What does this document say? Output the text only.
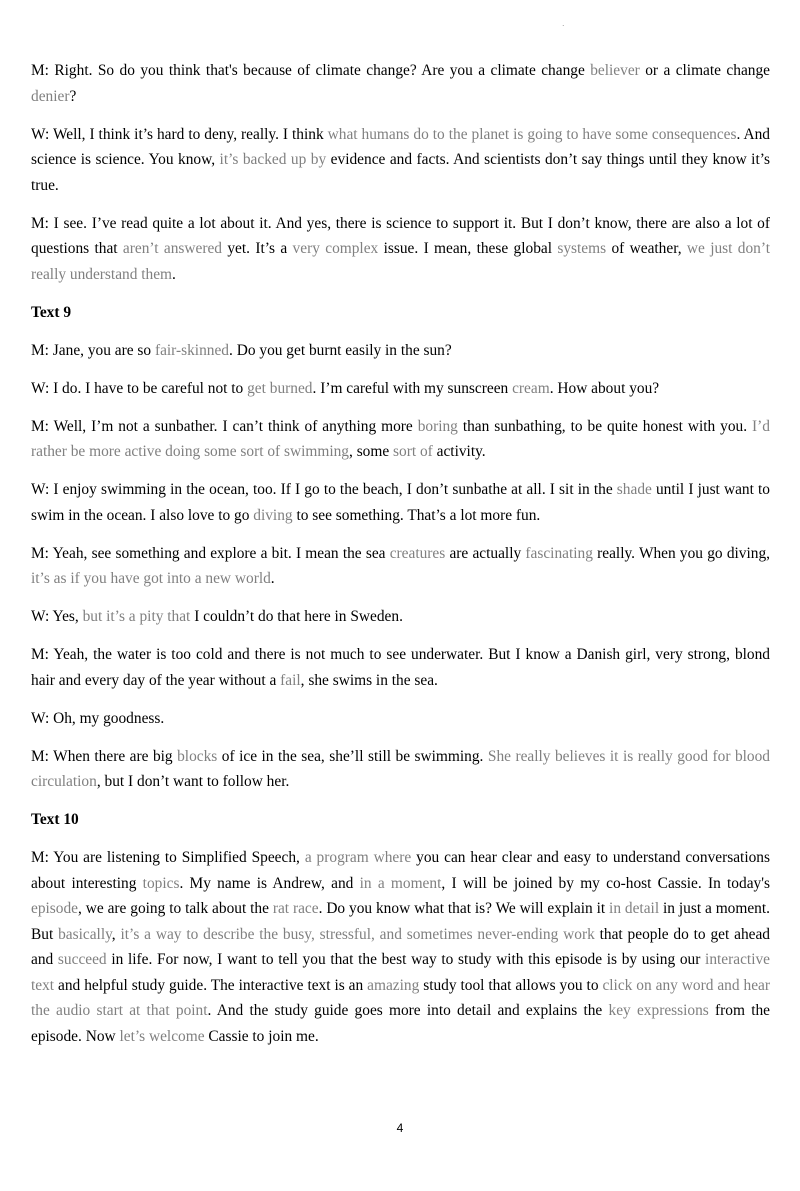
.

M: Right. So do you think that's because of climate change? Are you a climate change believer or a climate change denier?

W: Well, I think it’s hard to deny, really. I think what humans do to the planet is going to have some consequences. And science is science. You know, it’s backed up by evidence and facts. And scientists don’t say things until they know it’s true.

M: I see. I’ve read quite a lot about it. And yes, there is science to support it. But I don’t know, there are also a lot of questions that aren’t answered yet. It’s a very complex issue. I mean, these global systems of weather, we just don’t really understand them.

Text 9

M: Jane, you are so fair-skinned. Do you get burnt easily in the sun?

W: I do. I have to be careful not to get burned. I’m careful with my sunscreen cream. How about you?

M: Well, I’m not a sunbather. I can’t think of anything more boring than sunbathing, to be quite honest with you. I’d rather be more active doing some sort of swimming, some sort of activity.

W: I enjoy swimming in the ocean, too. If I go to the beach, I don’t sunbathe at all. I sit in the shade until I just want to swim in the ocean. I also love to go diving to see something. That’s a lot more fun.

M: Yeah, see something and explore a bit. I mean the sea creatures are actually fascinating really. When you go diving, it’s as if you have got into a new world.

W: Yes, but it’s a pity that I couldn’t do that here in Sweden.

M: Yeah, the water is too cold and there is not much to see underwater. But I know a Danish girl, very strong, blond hair and every day of the year without a fail, she swims in the sea.

W: Oh, my goodness.

M: When there are big blocks of ice in the sea, she’ll still be swimming. She really believes it is really good for blood circulation, but I don’t want to follow her.

Text 10

M: You are listening to Simplified Speech, a program where you can hear clear and easy to understand conversations about interesting topics. My name is Andrew, and in a moment, I will be joined by my co-host Cassie. In today's episode, we are going to talk about the rat race. Do you know what that is? We will explain it in detail in just a moment. But basically, it’s a way to describe the busy, stressful, and sometimes never-ending work that people do to get ahead and succeed in life. For now, I want to tell you that the best way to study with this episode is by using our interactive text and helpful study guide. The interactive text is an amazing study tool that allows you to click on any word and hear the audio start at that point. And the study guide goes more into detail and explains the key expressions from the episode. Now let’s welcome Cassie to join me.

4
